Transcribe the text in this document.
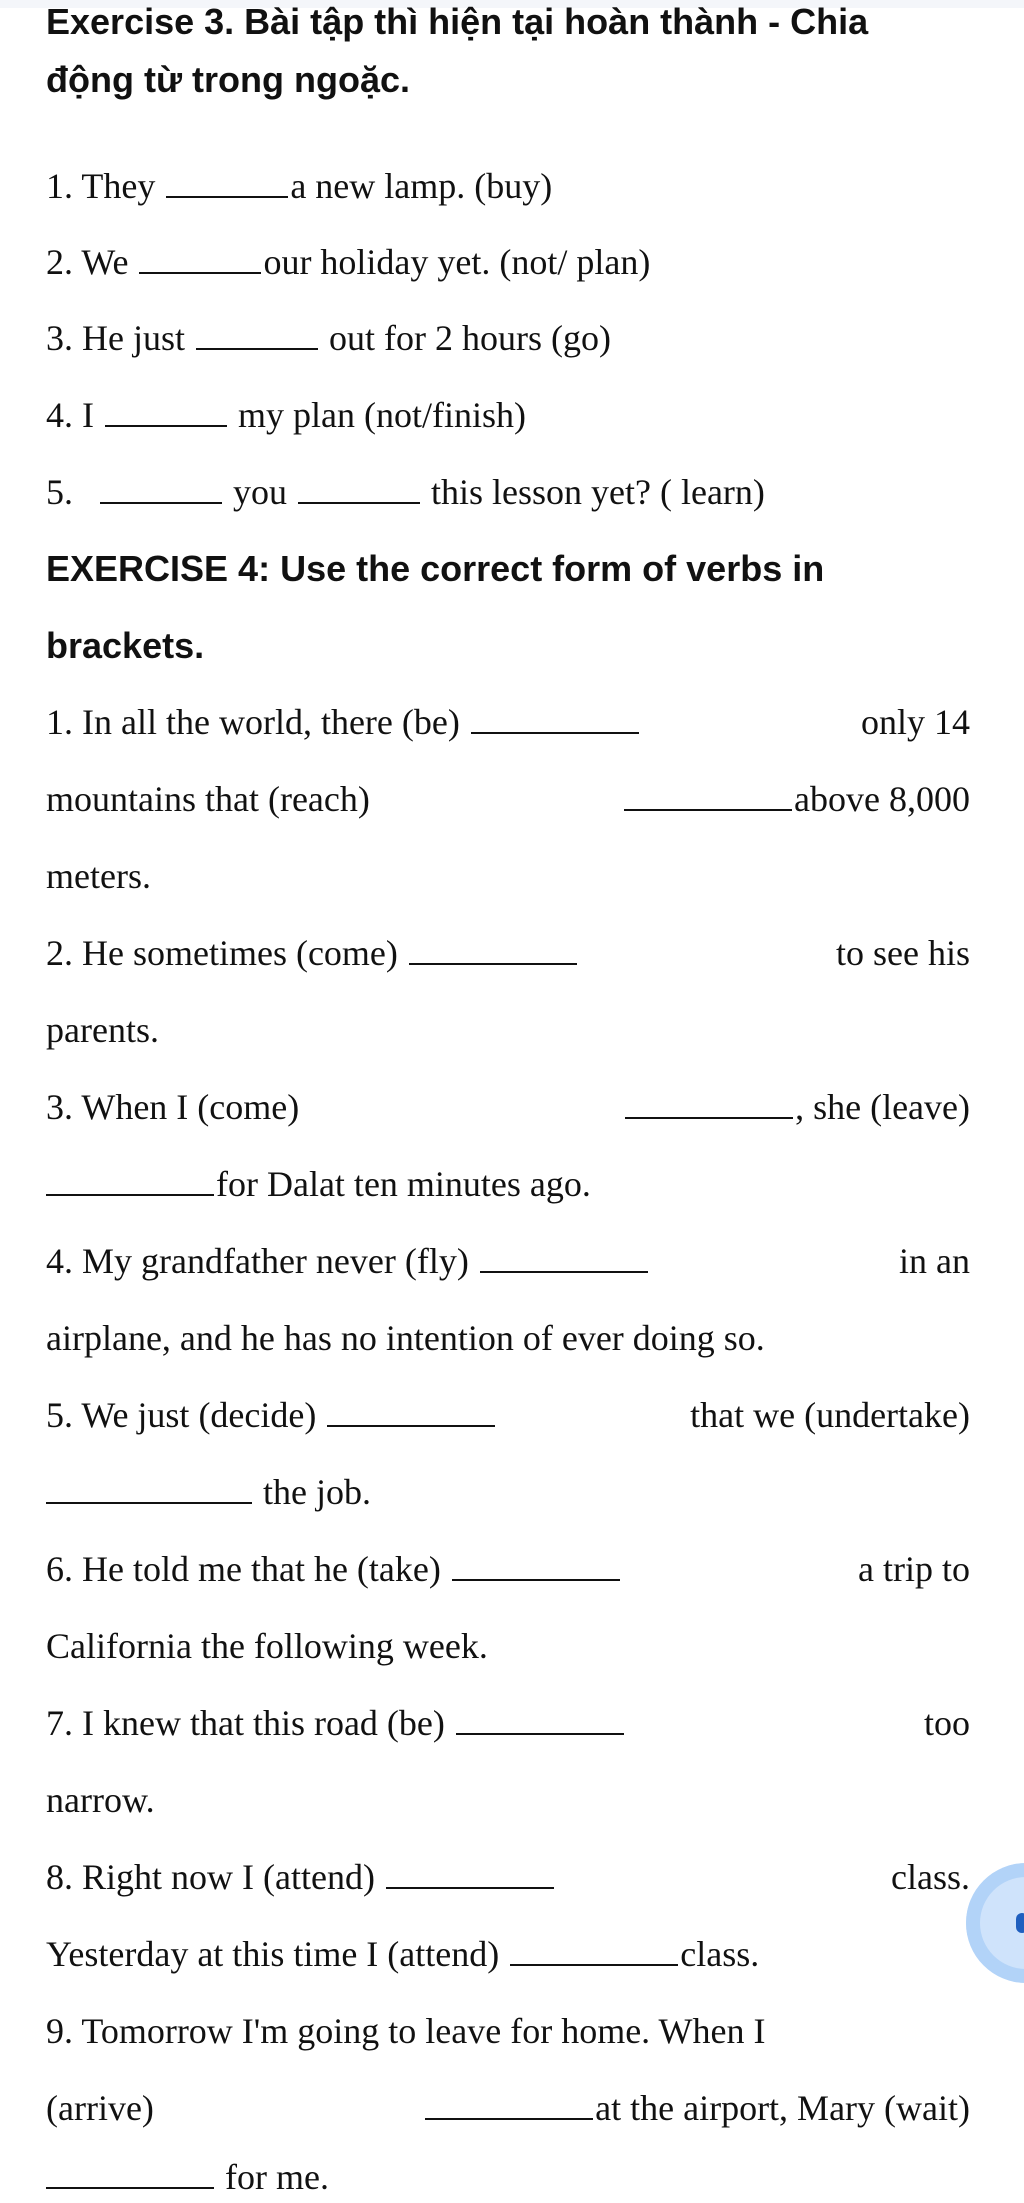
Exercise 3. Bài tập thì hiện tại hoàn thành - Chia
động từ trong ngoặc.
1. They	a new lamp. (buy)
2. We	our holiday yet. (not/ plan)
3. He just	out for 2 hours (go)
4. I	my plan (not/finish)
5.	you	this lesson yet? ( learn)
EXERCISE 4: Use the correct form of verbs in
brackets.
1. In all the world, there (be)	only 14
mountains that (reach)	above 8,000
meters.
2. He sometimes (come)	to see his
parents.
3. When I (come)	, she (leave)
for Dalat ten minutes ago.
4. My grandfather never (fly)	in an
airplane, and he has no intention of ever doing so.
5. We just (decide)	that we (undertake)
the job.
6. He told me that he (take)	a trip to
California the following week.
7. I knew that this road (be)	too
narrow.
8. Right now I (attend)	class.
Yesterday at this time I (attend)	class.
9. Tomorrow I'm going to leave for home. When I
(arrive)	at the airport, Mary (wait)
for me.
